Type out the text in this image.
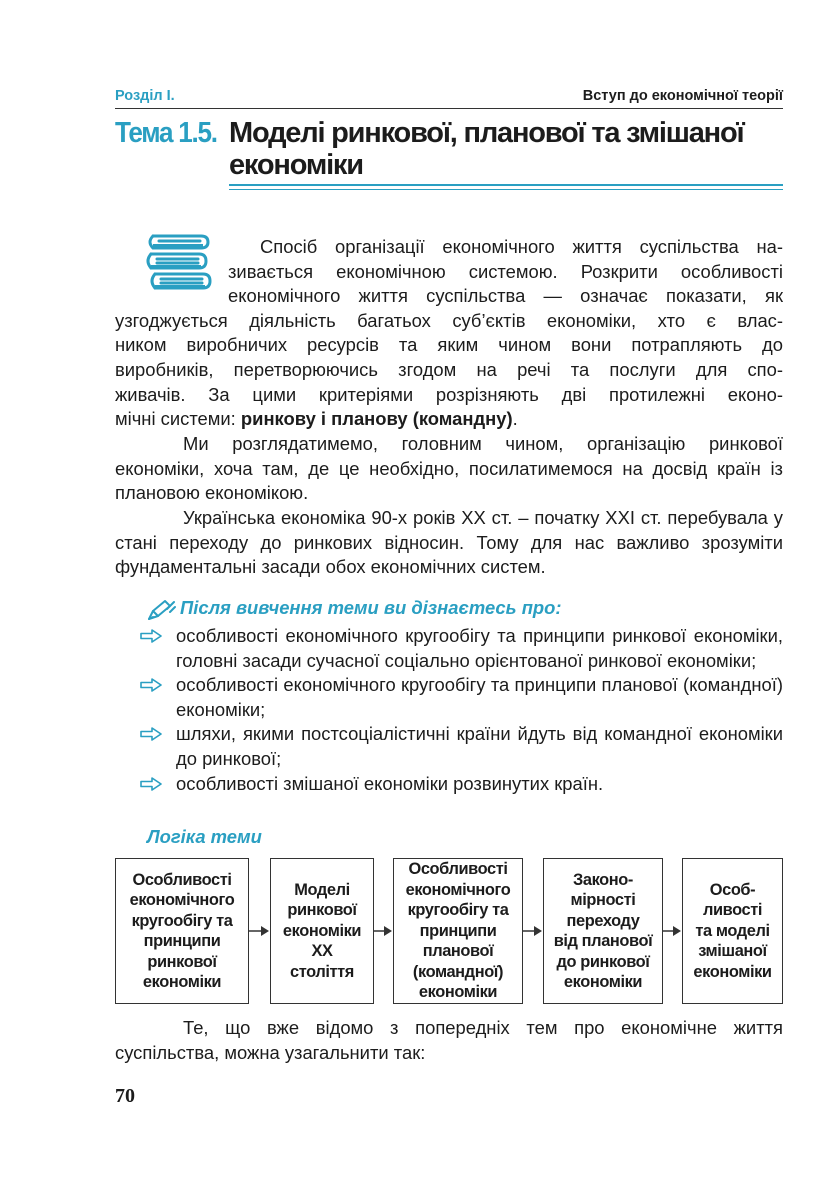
Розділ I.	Вступ до економічної теорії
Тема 1.5. Моделі ринкової, планової та змішаної
економіки
Спосіб організації економічного життя суспільства на-
зивається економічною системою. Розкрити особливості
економічного життя суспільства — означає показати, як
узгоджується діяльність багатьох суб’єктів економіки, хто є влас-
ником виробничих ресурсів та яким чином вони потрапляють до
виробників, перетворюючись згодом на речі та послуги для спо-
живачів. За цими критеріями розрізняють дві протилежні еконо-
мічні системи: ринкову і планову (командну).

Ми розглядатимемо, головним чином, організацію ринкової економіки, хоча там, де це необхідно, посилатимемося на досвід країн із плановою економікою.

Українська економіка 90-х років XX ст. – початку XXI ст. перебувала у стані переходу до ринкових відносин. Тому для нас важливо зрозуміти фундаментальні засади обох економічних систем.

Після вивчення теми ви дізнаєтесь про:
особливості економічного кругообігу та принципи ринкової економіки, головні засади сучасної соціально орієнтованої ринкової економіки;
особливості економічного кругообігу та принципи планової (командної) економіки;
шляхи, якими постсоціалістичні країни йдуть від командної економіки до ринкової;
особливості змішаної економіки розвинутих країн.
Логіка теми
Особливості
економічного
кругообігу та
принципи
ринкової
економіки
Моделі
ринкової
економіки
XX
століття
Особливості
економічного
кругообігу та
принципи
планової
(командної)
економіки
Законо-
мірності
переходу
від планової
до ринкової
економіки
Особ-
ливості
та моделі
змішаної
економіки

Те, що вже відомо з попередніх тем про економічне життя суспільства, можна узагальнити так:

70
